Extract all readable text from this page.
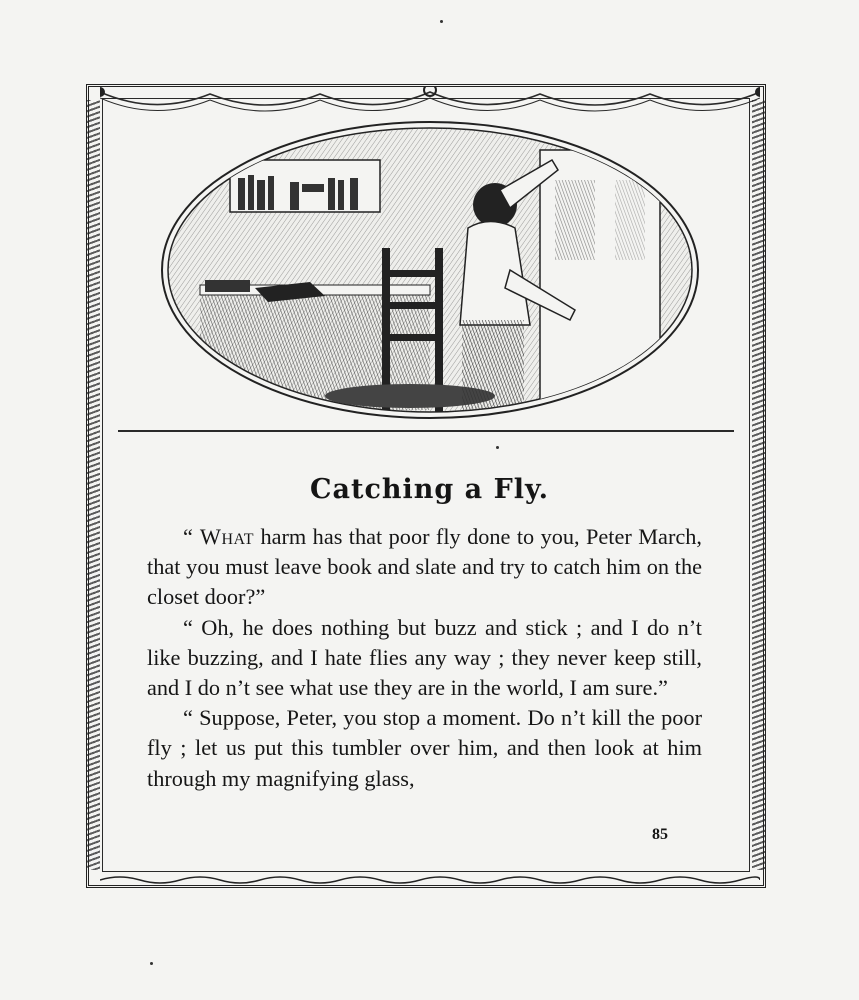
Catching a Fly.

“ What harm has that poor fly done to you, Peter March, that you must leave book and slate and try to catch him on the closet door?”

“ Oh, he does nothing but buzz and stick ; and I do n’t like buzzing, and I hate flies any way ; they never keep still, and I do n’t see what use they are in the world, I am sure.”

“ Suppose, Peter, you stop a moment. Do n’t kill the poor fly ; let us put this tumbler over him, and then look at him through my magnifying glass,

85
